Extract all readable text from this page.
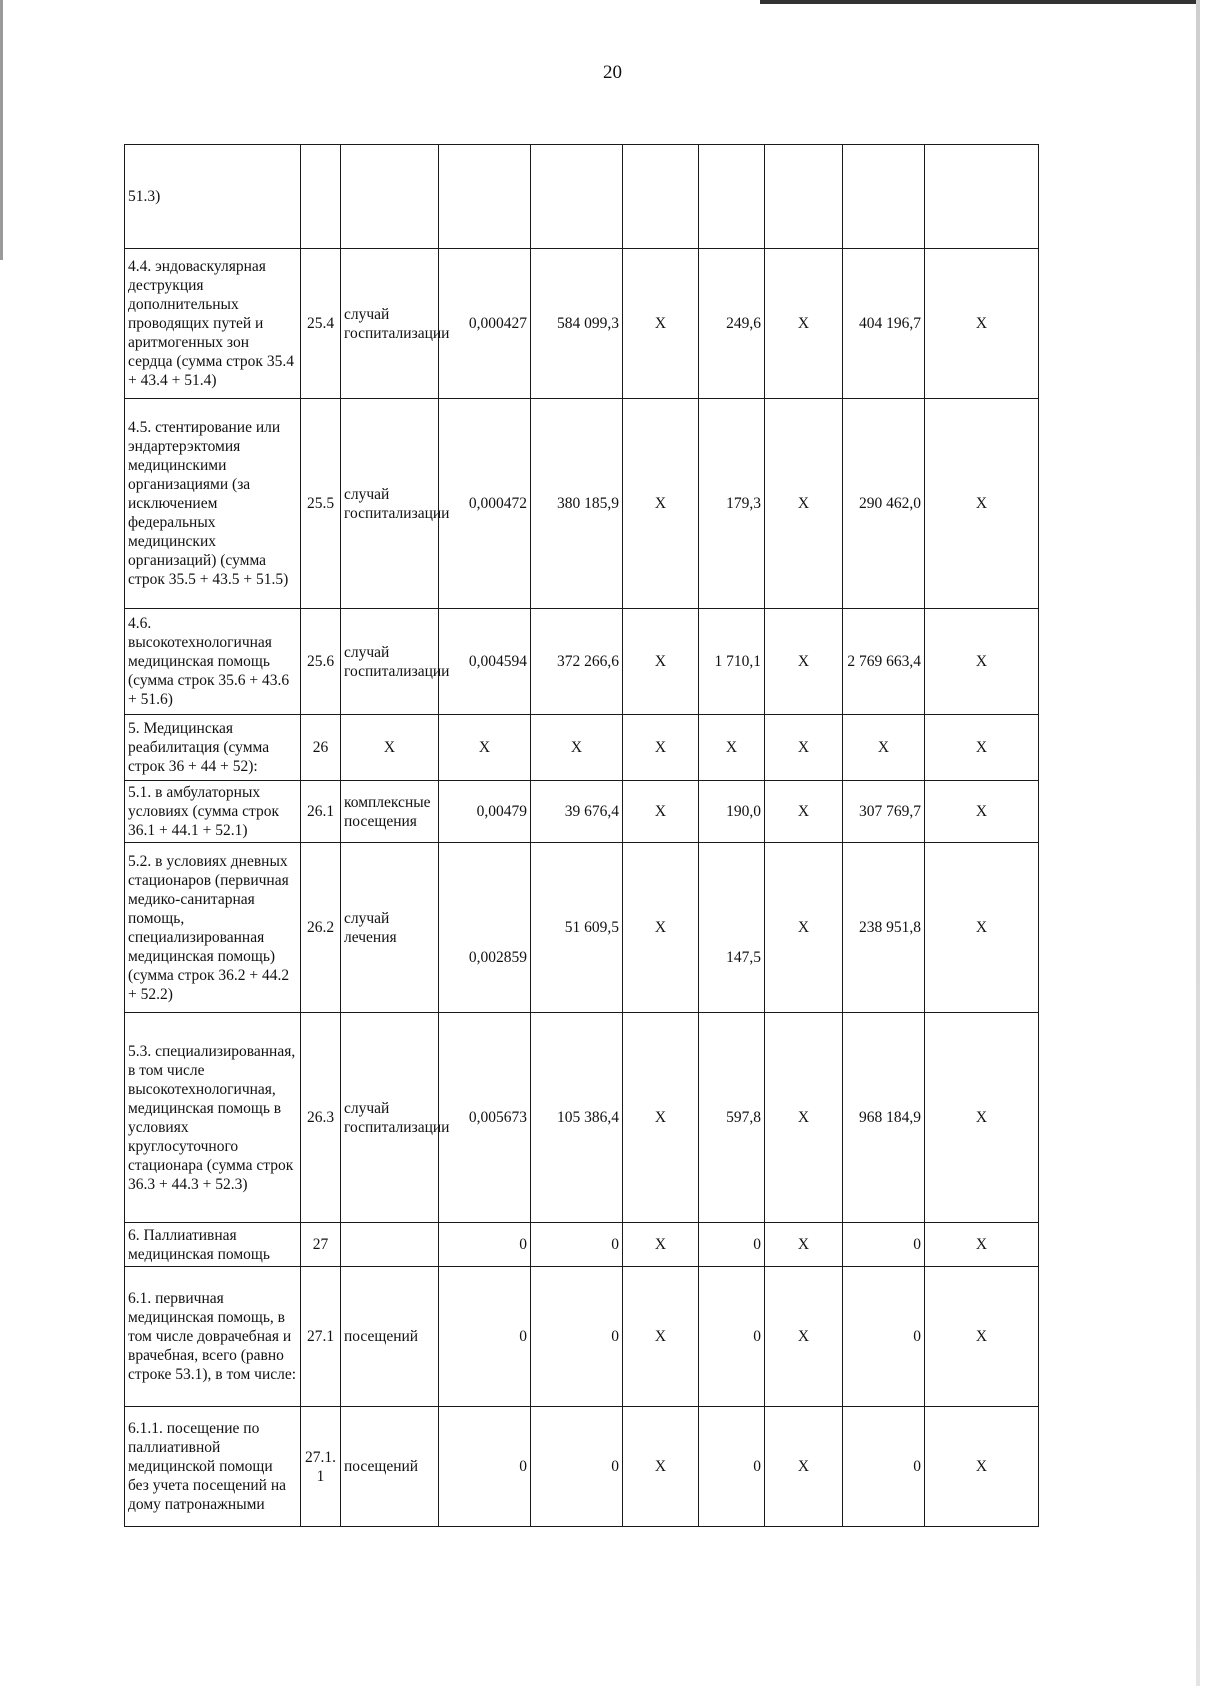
20
51.3)									
4.4. эндоваскулярная деструкция дополнительных проводящих путей и аритмогенных зон сердца (сумма строк 35.4 + 43.4 + 51.4)	25.4	случай госпитализации	0,000427	584 099,3	X	249,6	X	404 196,7	X
4.5. стентирование или эндартерэктомия медицинскими организациями (за исключением федеральных медицинских организаций) (сумма строк 35.5 + 43.5 + 51.5)	25.5	случай госпитализации	0,000472	380 185,9	X	179,3	X	290 462,0	X
4.6. высокотехнологичная медицинская помощь (сумма строк 35.6 + 43.6 + 51.6)	25.6	случай госпитализации	0,004594	372 266,6	X	1 710,1	X	2 769 663,4	X
5. Медицинская реабилитация (сумма строк 36 + 44 + 52):	26	X	X	X	X	X	X	X	X
5.1. в амбулаторных условиях (сумма строк 36.1 + 44.1 + 52.1)	26.1	комплексные посещения	0,00479	39 676,4	X	190,0	X	307 769,7	X
5.2. в условиях дневных стационаров (первичная медико-санитарная помощь, специализированная медицинская помощь) (сумма строк 36.2 + 44.2 + 52.2)	26.2	случай лечения	0,002859	51 609,5	X	147,5	X	238 951,8	X
5.3. специализированная, в том числе высокотехнологичная, медицинская помощь в условиях круглосуточного стационара (сумма строк 36.3 + 44.3 + 52.3)	26.3	случай госпитализации	0,005673	105 386,4	X	597,8	X	968 184,9	X
6. Паллиативная медицинская помощь	27		0	0	X	0	X	0	X
6.1. первичная медицинская помощь, в том числе доврачебная и врачебная, всего (равно строке 53.1), в том числе:	27.1	посещений	0	0	X	0	X	0	X
6.1.1. посещение по паллиативной медицинской помощи без учета посещений на дому патронажными	27.1.1	посещений	0	0	X	0	X	0	X
